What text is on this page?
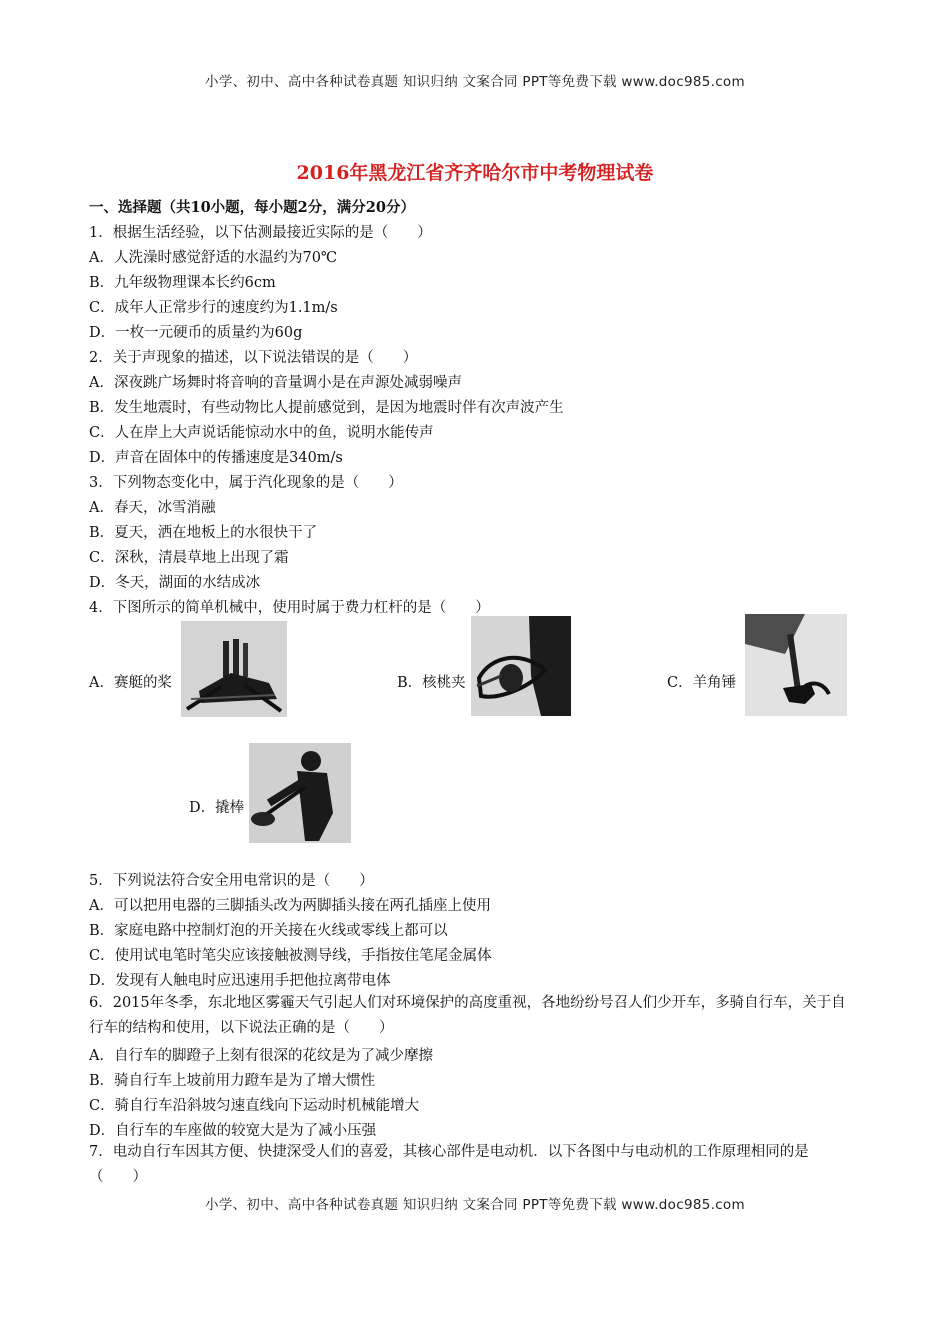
小学、初中、高中各种试卷真题 知识归纳 文案合同 PPT等免费下载 www.doc985.com
2016年黑龙江省齐齐哈尔市中考物理试卷
一、选择题（共10小题，每小题2分，满分20分）
1．根据生活经验，以下估测最接近实际的是（　　）
A．人洗澡时感觉舒适的水温约为70℃
B．九年级物理课本长约6cm
C．成年人正常步行的速度约为1.1m/s
D．一枚一元硬币的质量约为60g
2．关于声现象的描述，以下说法错误的是（　　）
A．深夜跳广场舞时将音响的音量调小是在声源处减弱噪声
B．发生地震时，有些动物比人提前感觉到，是因为地震时伴有次声波产生
C．人在岸上大声说话能惊动水中的鱼，说明水能传声
D．声音在固体中的传播速度是340m/s
3．下列物态变化中，属于汽化现象的是（　　）
A．春天，冰雪消融
B．夏天，洒在地板上的水很快干了
C．深秋，清晨草地上出现了霜
D．冬天，湖面的水结成冰
4．下图所示的简单机械中，使用时属于费力杠杆的是（　　）
A．赛艇的桨	B．核桃夹	C．羊角锤
D．撬棒
5．下列说法符合安全用电常识的是（　　）
A．可以把用电器的三脚插头改为两脚插头接在两孔插座上使用
B．家庭电路中控制灯泡的开关接在火线或零线上都可以
C．使用试电笔时笔尖应该接触被测导线，手指按住笔尾金属体
D．发现有人触电时应迅速用手把他拉离带电体
6．2015年冬季，东北地区雾霾天气引起人们对环境保护的高度重视，各地纷纷号召人们少开车，多骑自行车，关于自行车的结构和使用，以下说法正确的是（　　）
A．自行车的脚蹬子上刻有很深的花纹是为了减少摩擦
B．骑自行车上坡前用力蹬车是为了增大惯性
C．骑自行车沿斜坡匀速直线向下运动时机械能增大
D．自行车的车座做的较宽大是为了减小压强
7．电动自行车因其方便、快捷深受人们的喜爱，其核心部件是电动机．以下各图中与电动机的工作原理相同的是（　　）
小学、初中、高中各种试卷真题 知识归纳 文案合同 PPT等免费下载 www.doc985.com
